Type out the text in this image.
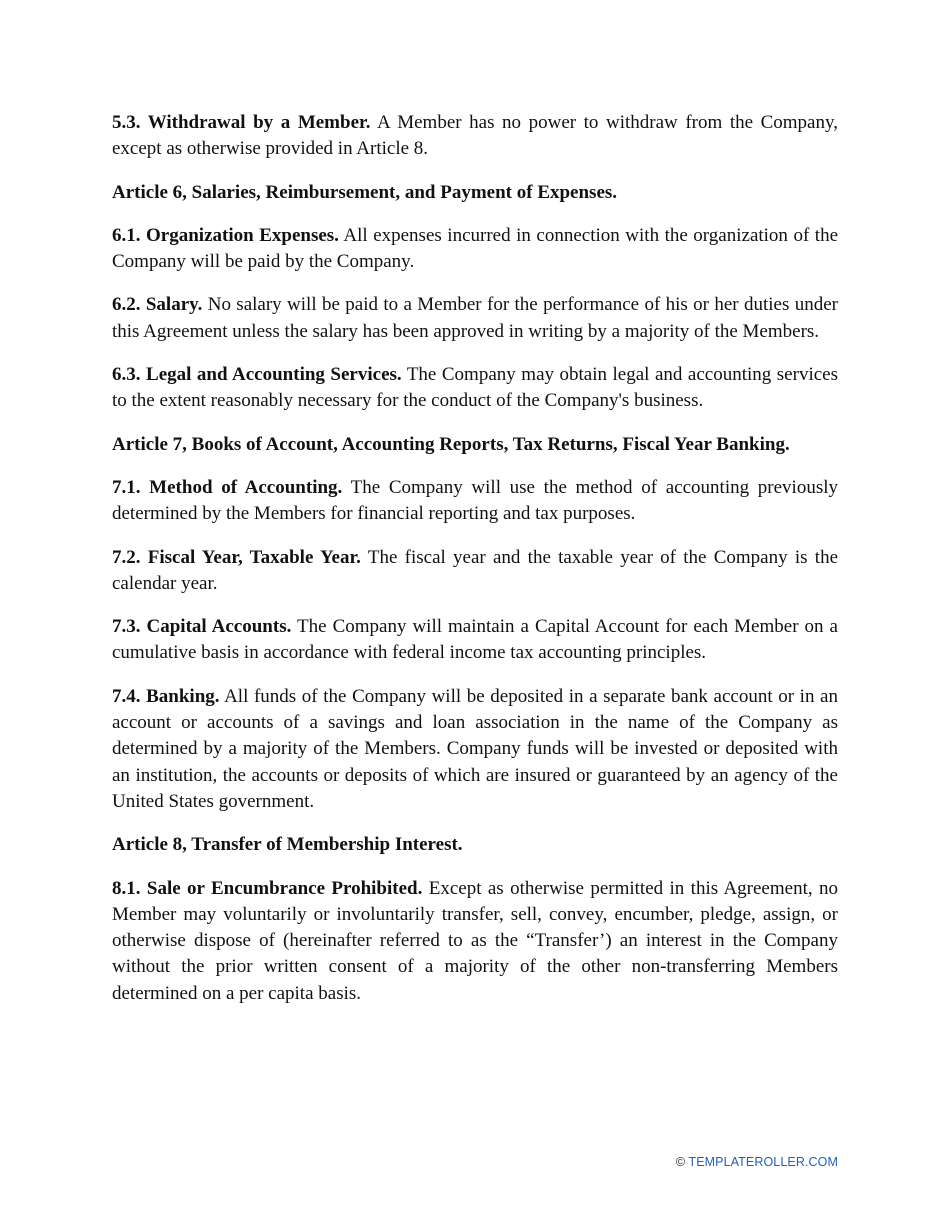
5.3. Withdrawal by a Member. A Member has no power to withdraw from the Company, except as otherwise provided in Article 8.

Article 6, Salaries, Reimbursement, and Payment of Expenses.

6.1. Organization Expenses. All expenses incurred in connection with the organization of the Company will be paid by the Company.

6.2. Salary. No salary will be paid to a Member for the performance of his or her duties under this Agreement unless the salary has been approved in writing by a majority of the Members.

6.3. Legal and Accounting Services. The Company may obtain legal and accounting services to the extent reasonably necessary for the conduct of the Company's business.

Article 7, Books of Account, Accounting Reports, Tax Returns, Fiscal Year Banking.

7.1. Method of Accounting. The Company will use the method of accounting previously determined by the Members for financial reporting and tax purposes.

7.2. Fiscal Year, Taxable Year. The fiscal year and the taxable year of the Company is the calendar year.

7.3. Capital Accounts. The Company will maintain a Capital Account for each Member on a cumulative basis in accordance with federal income tax accounting principles.

7.4. Banking. All funds of the Company will be deposited in a separate bank account or in an account or accounts of a savings and loan association in the name of the Company as determined by a majority of the Members. Company funds will be invested or deposited with an institution, the accounts or deposits of which are insured or guaranteed by an agency of the United States government.

Article 8, Transfer of Membership Interest.

8.1. Sale or Encumbrance Prohibited. Except as otherwise permitted in this Agreement, no Member may voluntarily or involuntarily transfer, sell, convey, encumber, pledge, assign, or otherwise dispose of (hereinafter referred to as the “Transfer’) an interest in the Company without the prior written consent of a majority of the other non-transferring Members determined on a per capita basis.

© TEMPLATEROLLER.COM
